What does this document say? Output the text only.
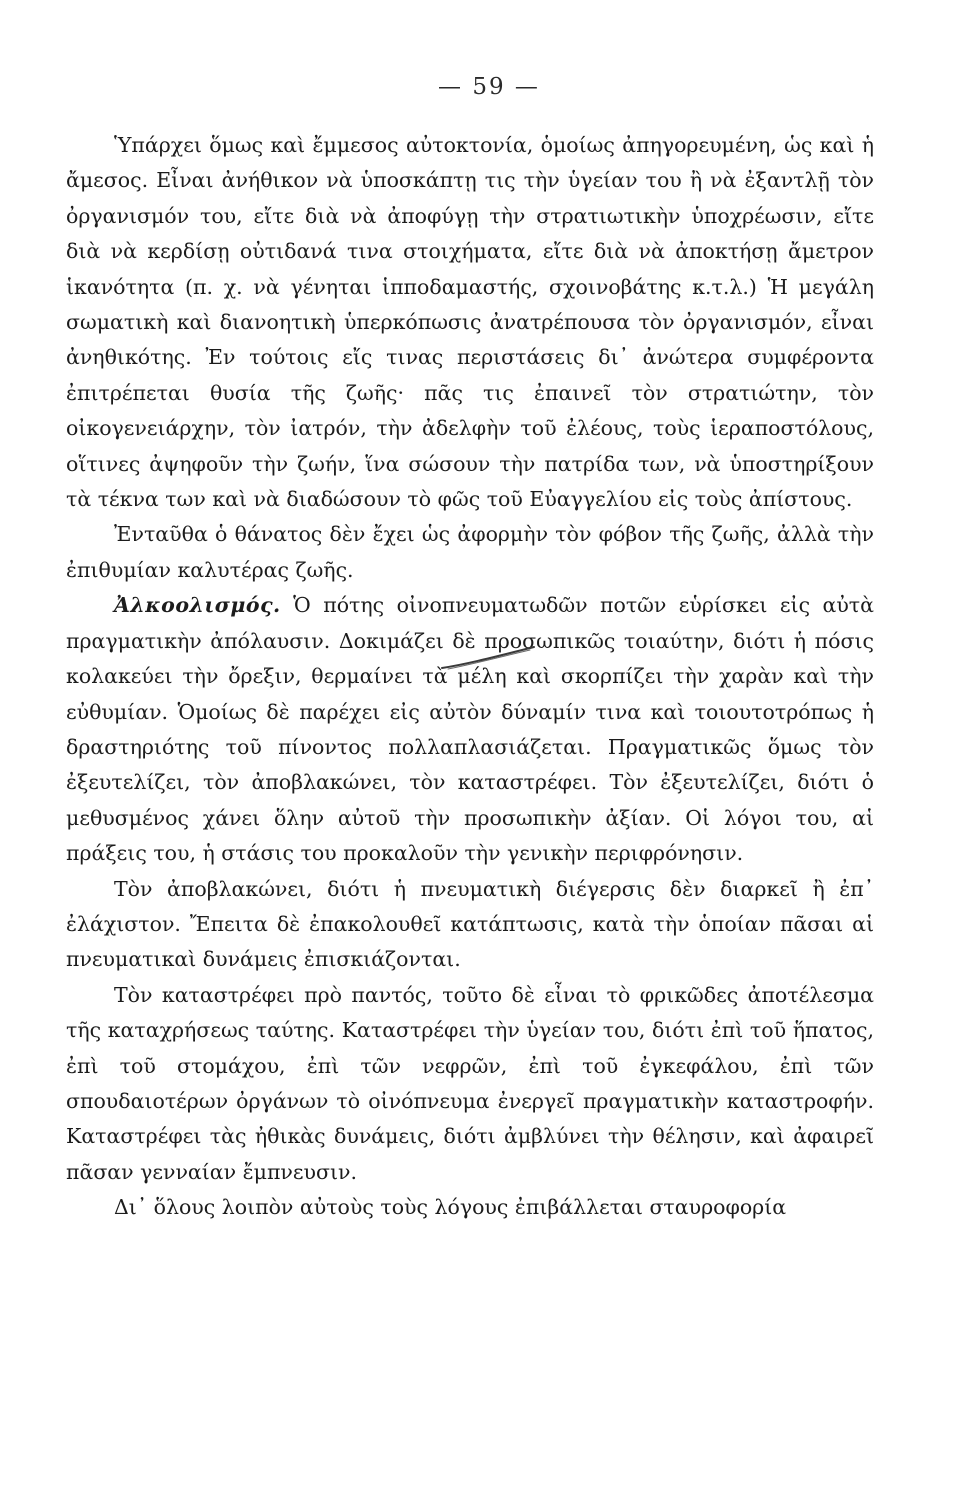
— 59 —

Ὑπάρχει ὅμως καὶ ἔμμεσος αὐτοκτονία, ὁμοίως ἀπηγορευμένη, ὡς καὶ ἡ ἄμεσος. Εἶναι ἀνήθικον νὰ ὑποσκάπτῃ τις τὴν ὑγείαν του ἢ νὰ ἐξαντλῇ τὸν ὀργανισμόν του, εἴτε διὰ νὰ ἀποφύγῃ τὴν στρατιωτικὴν ὑποχρέωσιν, εἴτε διὰ νὰ κερδίσῃ οὐτιδανά τινα στοιχήματα, εἴτε διὰ νὰ ἀποκτήσῃ ἄμετρον ἱκανότητα (π. χ. νὰ γένηται ἱπποδαμαστής, σχοινοβάτης κ.τ.λ.) Ἡ μεγάλη σωματικὴ καὶ διανοητικὴ ὑπερκόπωσις ἀνατρέπουσα τὸν ὀργανισμόν, εἶναι ἀνηθικότης. Ἐν τούτοις εἴς τινας περιστάσεις δι᾽ ἀνώτερα συμφέροντα ἐπιτρέπεται θυσία τῆς ζωῆς· πᾶς τις ἐπαινεῖ τὸν στρατιώτην, τὸν οἰκογενειάρχην, τὸν ἰατρόν, τὴν ἀδελφὴν τοῦ ἐλέους, τοὺς ἱεραποστόλους, οἵτινες ἀψηφοῦν τὴν ζωήν, ἵνα σώσουν τὴν πατρίδα των, νὰ ὑποστηρίξουν τὰ τέκνα των καὶ νὰ διαδώσουν τὸ φῶς τοῦ Εὐαγγελίου εἰς τοὺς ἀπίστους.

Ἐνταῦθα ὁ θάνατος δὲν ἔχει ὡς ἀφορμὴν τὸν φόβον τῆς ζωῆς, ἀλλὰ τὴν ἐπιθυμίαν καλυτέρας ζωῆς.

Ἀλκοολισμός. Ὁ πότης οἰνοπνευματωδῶν ποτῶν εὑρίσκει εἰς αὐτὰ πραγματικὴν ἀπόλαυσιν. Δοκιμάζει δὲ προσωπικῶς τοιαύτην, διότι ἡ πόσις κολακεύει τὴν ὄρεξιν, θερμαίνει τὰ μέλη καὶ σκορπίζει τὴν χαρὰν καὶ τὴν εὐθυμίαν. Ὁμοίως δὲ παρέχει εἰς αὐτὸν δύναμίν τινα καὶ τοιουτοτρόπως ἡ δραστηριότης τοῦ πίνοντος πολλαπλασιάζεται. Πραγματικῶς ὅμως τὸν ἐξευτελίζει, τὸν ἀποβλακώνει, τὸν καταστρέφει. Τὸν ἐξευτελίζει, διότι ὁ μεθυσμένος χάνει ὅλην αὐτοῦ τὴν προσωπικὴν ἀξίαν. Οἱ λόγοι του, αἱ πράξεις του, ἡ στάσις του προκαλοῦν τὴν γενικὴν περιφρόνησιν.

Τὸν ἀποβλακώνει, διότι ἡ πνευματικὴ διέγερσις δὲν διαρκεῖ ἢ ἐπ᾽ ἐλάχιστον. Ἔπειτα δὲ ἐπακολουθεῖ κατάπτωσις, κατὰ τὴν ὁποίαν πᾶσαι αἱ πνευματικαὶ δυνάμεις ἐπισκιάζονται.

Τὸν καταστρέφει πρὸ παντός, τοῦτο δὲ εἶναι τὸ φρικῶδες ἀποτέλεσμα τῆς καταχρήσεως ταύτης. Καταστρέφει τὴν ὑγείαν του, διότι ἐπὶ τοῦ ἥπατος, ἐπὶ τοῦ στομάχου, ἐπὶ τῶν νεφρῶν, ἐπὶ τοῦ ἐγκεφάλου, ἐπὶ τῶν σπουδαιοτέρων ὀργάνων τὸ οἰνόπνευμα ἐνεργεῖ πραγματικὴν καταστροφήν. Καταστρέφει τὰς ἠθικὰς δυνάμεις, διότι ἀμβλύνει τὴν θέλησιν, καὶ ἀφαιρεῖ πᾶσαν γενναίαν ἔμπνευσιν.

Δι᾽ ὅλους λοιπὸν αὐτοὺς τοὺς λόγους ἐπιβάλλεται σταυροφορία
